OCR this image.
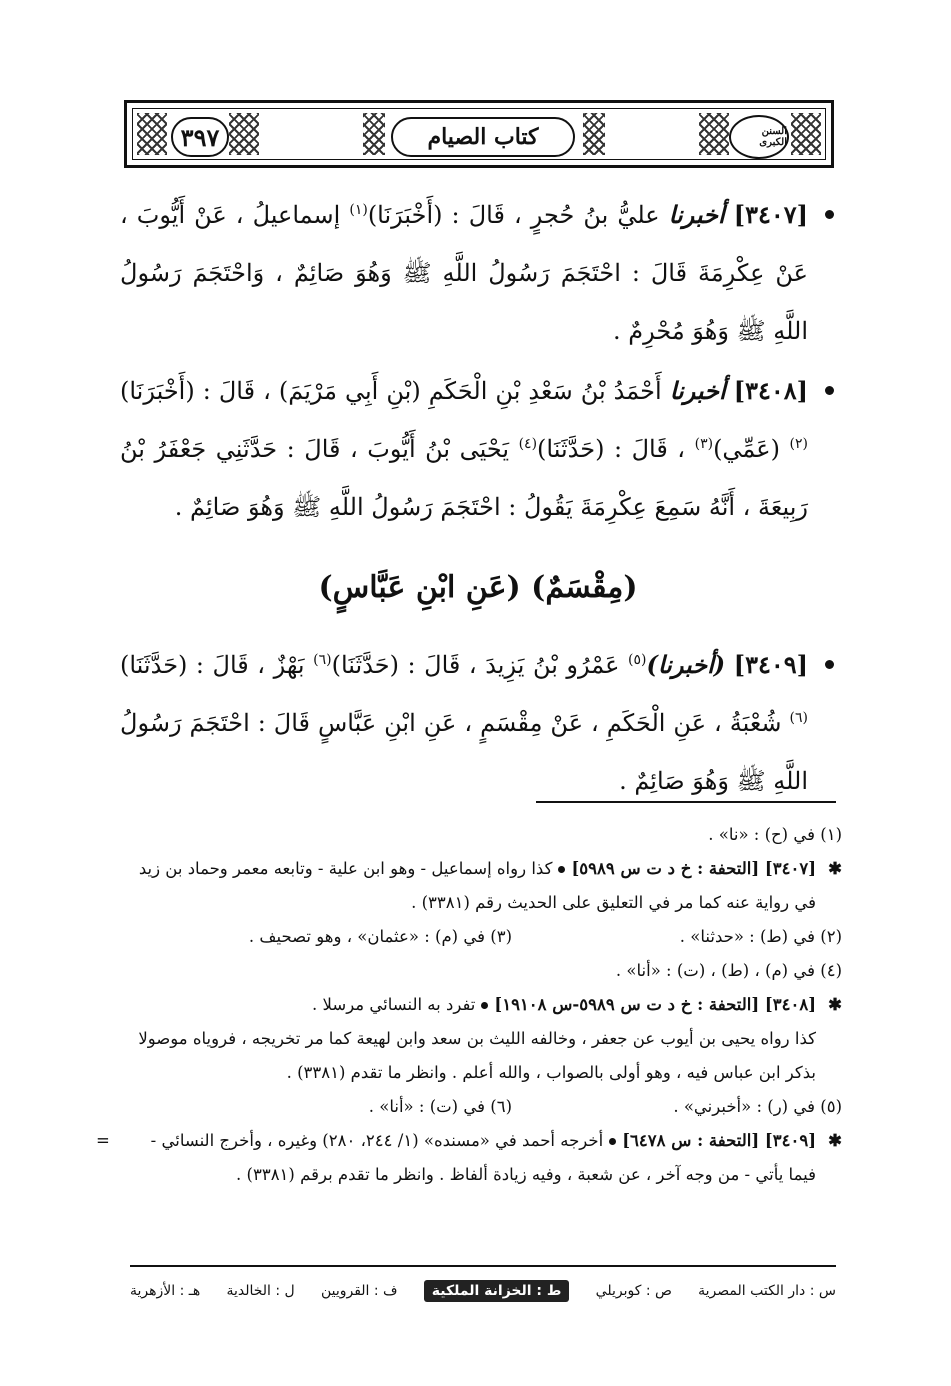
٣٩٧	كتاب الصيام	السنن الكبرى

[٣٤٠٧] أخبرنا عليُّ بنُ حُجرٍ ، قَالَ : (أَخْبَرَنَا)$^{(١)}$ إسماعيلُ ، عَنْ أَيُّوبَ ، عَنْ عِكْرِمَةَ قَالَ : احْتَجَمَ رَسُولُ اللَّهِ ﷺ وَهُوَ صَائِمٌ ، وَاحْتَجَمَ رَسُولُ اللَّهِ ﷺ وَهُوَ مُحْرِمٌ .

[٣٤٠٨] أخبرنا أَحْمَدُ بْنُ سَعْدِ بْنِ الْحَكَمِ (بْنِ أَبِي مَرْيَمَ) ، قَالَ : (أَخْبَرَنَا)$^{(٢)}$ (عَمِّي)$^{(٣)}$ ، قَالَ : (حَدَّثَنَا)$^{(٤)}$ يَحْيَى بْنُ أَيُّوبَ ، قَالَ : حَدَّثَنِي جَعْفَرُ بْنُ رَبِيعَةَ ، أَنَّهُ سَمِعَ عِكْرِمَةَ يَقُولُ : احْتَجَمَ رَسُولُ اللَّهِ ﷺ وَهُوَ صَائِمٌ .

(مِقْسَمٌ) (عَنِ ابْنِ عَبَّاسٍ)

[٣٤٠٩] (أخبرنا)$^{(٥)}$ عَمْرُو بْنُ يَزِيدَ ، قَالَ : (حَدَّثَنَا)$^{(٦)}$ بَهْزٌ ، قَالَ : (حَدَّثَنَا)$^{(٦)}$ شُعْبَةُ ، عَنِ الْحَكَمِ ، عَنْ مِقْسَمٍ ، عَنِ ابْنِ عَبَّاسٍ قَالَ : احْتَجَمَ رَسُولُ اللَّهِ ﷺ وَهُوَ صَائِمٌ .

(١) في (ح) : «نا» .
✱
[٣٤٠٧] [التحفة : خ د ت س ٥٩٨٩]كذا رواه إسماعيل - وهو ابن علية - وتابعه معمر وحماد بن زيد في رواية عنه كما مر في التعليق على الحديث رقم (٣٣٨١) .
(٢) في (ط) : «حدثنا» .
(٣) في (م) : «عثمان» ، وهو تصحيف .
(٤) في (م) ، (ط) ، (ت) : «أنا» .
✱
[٣٤٠٨] [التحفة : خ د ت س ٥٩٨٩-س ١٩١٠٨]تفرد به النسائي مرسلا .
كذا رواه يحيى بن أيوب عن جعفر ، وخالفه الليث بن سعد وابن لهيعة كما مر تخريجه ، فروياه موصولا بذكر ابن عباس فيه ، وهو أولى بالصواب ، والله أعلم . وانظر ما تقدم (٣٣٨١) .
(٥) في (ر) : «أخبرني» .
(٦) في (ت) : «أنا» .
✱
[٣٤٠٩] [التحفة : س ٦٤٧٨]أخرجه أحمد في «مسنده» (١/ ٢٤٤، ٢٨٠) وغيره ، وأخرج النسائي - فيما يأتي - من وجه آخر ، عن شعبة ، وفيه زيادة ألفاظ . وانظر ما تقدم برقم (٣٣٨١) .
=
س : دار الكتب المصرية
ص : كوبريلي
ط : الخزانة الملكية
ف : القرويين
ل : الخالدية
هـ : الأزهرية
